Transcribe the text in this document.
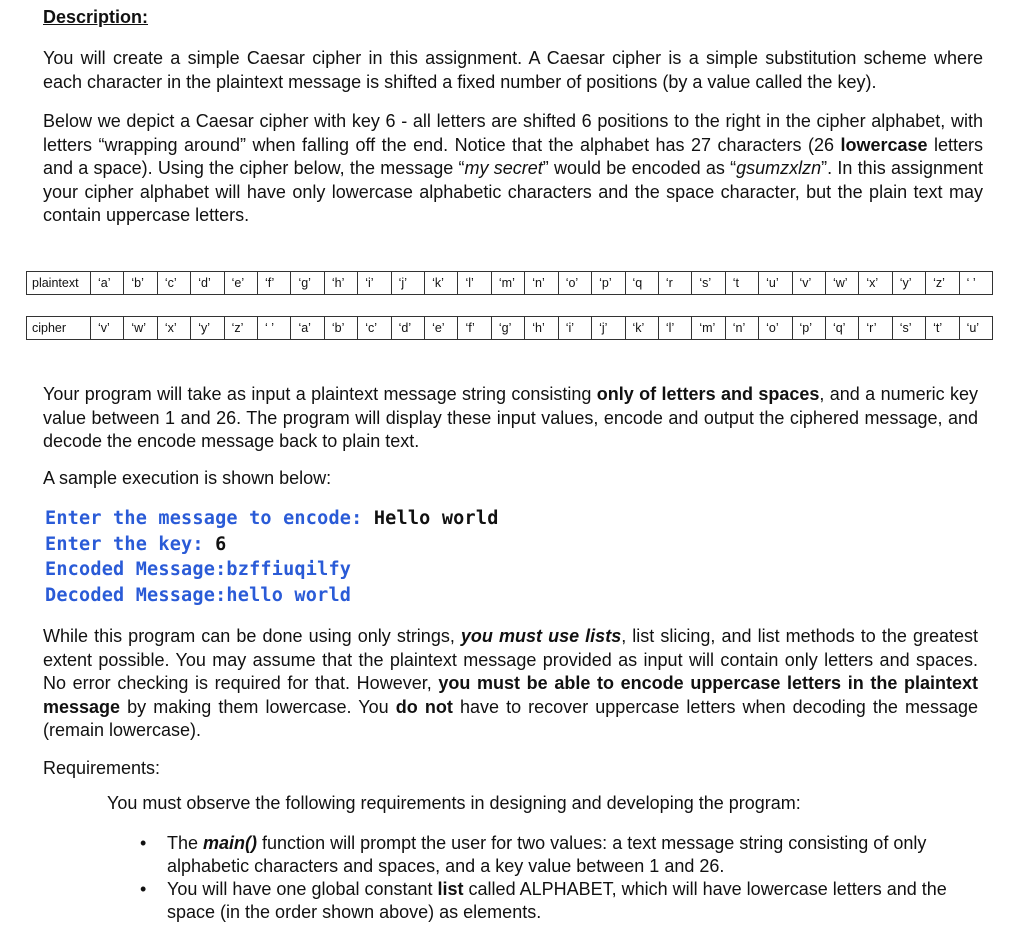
Description:

You will create a simple Caesar cipher in this assignment. A Caesar cipher is a simple substitution scheme where each character in the plaintext message is shifted a fixed number of positions (by a value called the key).

Below we depict a Caesar cipher with key 6 - all letters are shifted 6 positions to the right in the cipher alphabet, with letters “wrapping around” when falling off the end. Notice that the alphabet has 27 characters (26 lowercase letters and a space). Using the cipher below, the message “my secret” would be encoded as “gsumzxlzn”. In this assignment your cipher alphabet will have only lowercase alphabetic characters and the space character, but the plain text may contain uppercase letters.

plaintext	‘a’	‘b’	‘c’	‘d’	‘e’	‘f’	‘g’	‘h’	‘i’	‘j’	‘k’	‘l’	‘m’	‘n’	‘o’	‘p’	‘q	‘r	‘s’	‘t	‘u’	‘v’	‘w’	‘x’	‘y’	‘z’	‘ ’
cipher	‘v’	‘w’	‘x’	‘y’	‘z’	‘ ’	‘a’	‘b’	‘c’	‘d’	‘e’	‘f’	‘g’	‘h’	‘i’	‘j’	‘k’	‘l’	‘m’	‘n’	‘o’	‘p’	‘q’	‘r’	‘s’	‘t’	‘u’

Your program will take as input a plaintext message string consisting only of letters and spaces, and a numeric key value between 1 and 26. The program will display these input values, encode and output the ciphered message, and decode the encode message back to plain text.

A sample execution is shown below:
Enter the message to encode: Hello world
Enter the key: 6
Encoded Message:bzffiuqilfy
Decoded Message:hello world

While this program can be done using only strings, you must use lists, list slicing, and list methods to the greatest extent possible. You may assume that the plaintext message provided as input will contain only letters and spaces. No error checking is required for that. However, you must be able to encode uppercase letters in the plaintext message by making them lowercase. You do not have to recover uppercase letters when decoding the message (remain lowercase).

Requirements:
You must observe the following requirements in designing and developing the program:
• The main() function will prompt the user for two values: a text message string consisting of only alphabetic characters and spaces, and a key value between 1 and 26.
• You will have one global constant list called ALPHABET, which will have lowercase letters and the space (in the order shown above) as elements.
